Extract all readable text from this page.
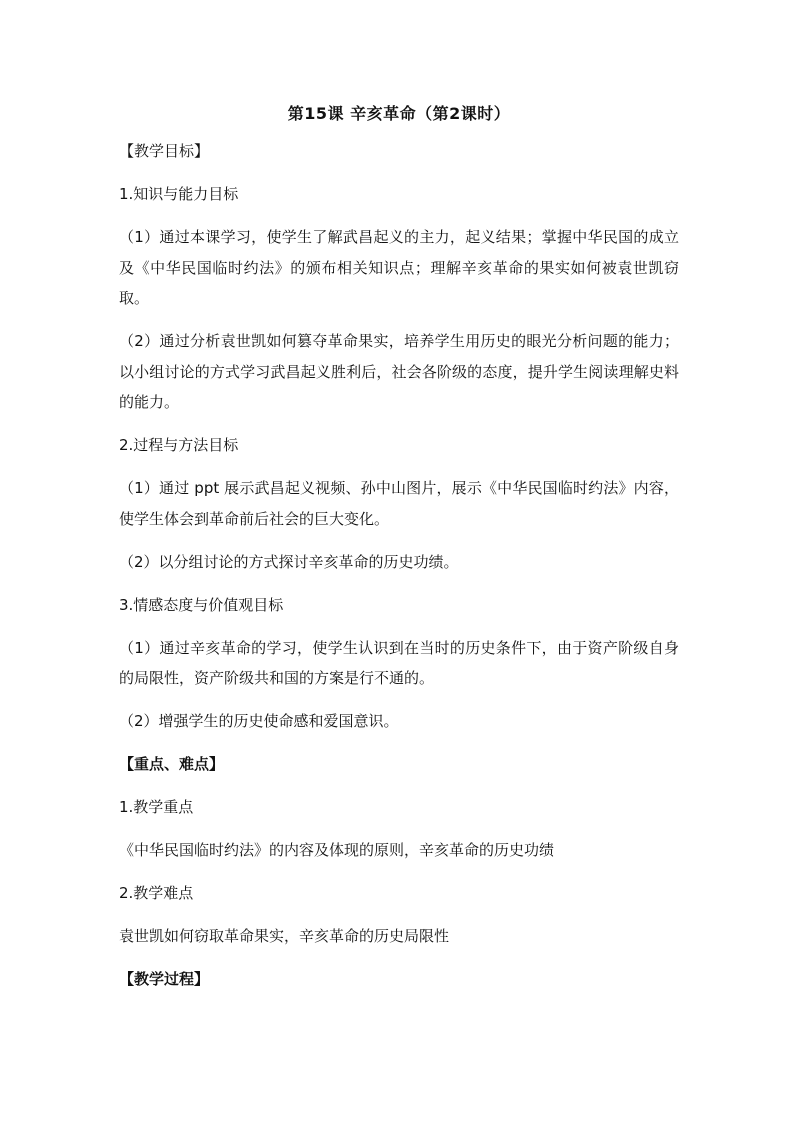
第15课 辛亥革命（第2课时）
【教学目标】
1.知识与能力目标
（1）通过本课学习，使学生了解武昌起义的主力，起义结果；掌握中华民国的成立及《中华民国临时约法》的颁布相关知识点；理解辛亥革命的果实如何被袁世凯窃取。
（2）通过分析袁世凯如何篡夺革命果实，培养学生用历史的眼光分析问题的能力；以小组讨论的方式学习武昌起义胜利后，社会各阶级的态度，提升学生阅读理解史料的能力。
2.过程与方法目标
（1）通过 ppt 展示武昌起义视频、孙中山图片，展示《中华民国临时约法》内容，使学生体会到革命前后社会的巨大变化。
（2）以分组讨论的方式探讨辛亥革命的历史功绩。
3.情感态度与价值观目标
（1）通过辛亥革命的学习，使学生认识到在当时的历史条件下，由于资产阶级自身的局限性，资产阶级共和国的方案是行不通的。
（2）增强学生的历史使命感和爱国意识。
【重点、难点】
1.教学重点
《中华民国临时约法》的内容及体现的原则，辛亥革命的历史功绩
2.教学难点
袁世凯如何窃取革命果实，辛亥革命的历史局限性
【教学过程】
